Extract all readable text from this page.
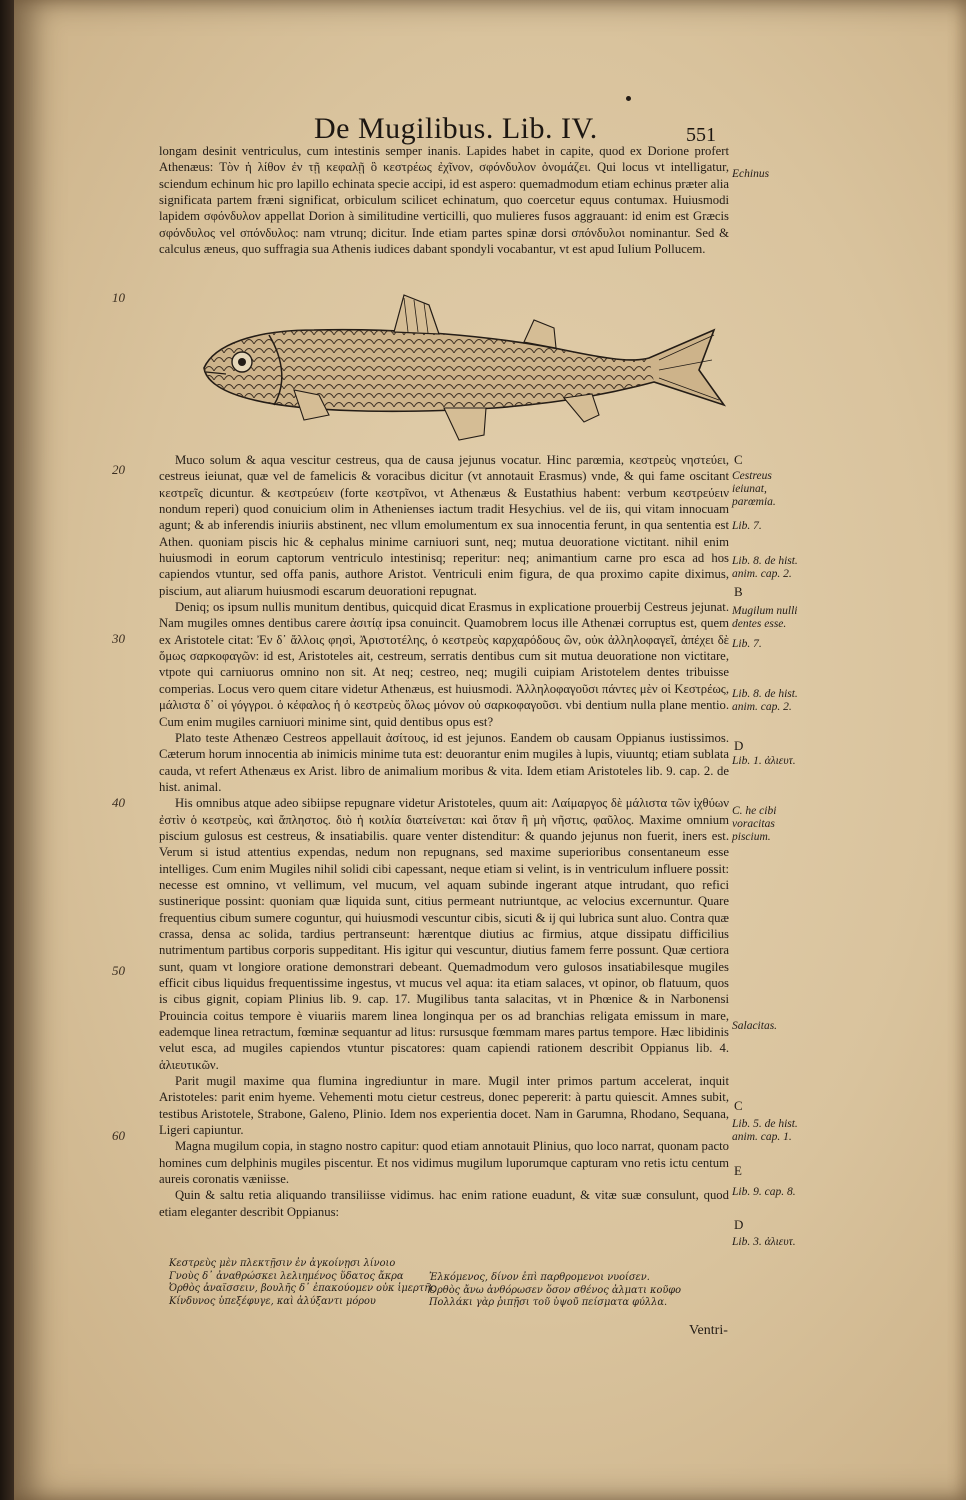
De Mugilibus. Lib. IV.	551

longam desinit ventriculus, cum intestinis semper inanis. Lapides habet in capite, quod ex Dorione profert Athenæus: Τὸν ἡ λίθον ἐν τῇ κεφαλῇ ὃ κεστρέως ἐχῖνον, σφόνδυλον ὀνομάζει. Qui locus vt intelligatur, sciendum echinum hic pro lapillo echinata specie accipi, id est aspero: quemadmodum etiam echinus præter alia significata partem fræni significat, orbiculum scilicet echinatum, quo coercetur equus contumax. Huiusmodi lapidem σφόνδυλον appellat Dorion à similitudine verticilli, quo mulieres fusos aggrauant: id enim est Græcis σφόνδυλος vel σπόνδυλος: nam vtrunq; dicitur. Inde etiam partes spinæ dorsi σπόνδυλοι nominantur. Sed & calculus æneus, quo suffragia sua Athenis iudices dabant spondyli vocabantur, vt est apud Iulium Pollucem.

10

Muco solum & aqua vescitur cestreus, qua de causa jejunus vocatur. Hinc parœmia, κεστρεὺς νηστεύει, cestreus ieiunat, quæ vel de famelicis & voracibus dicitur (vt annotauit Erasmus) vnde, & qui fame oscitant κεστρεῖς dicuntur. & κεστρεύειν (forte κεστρῖνοι, vt Athenæus & Eustathius habent: verbum κεστρεύειν nondum reperi) quod conuicium olim in Athenienses iactum tradit Hesychius. vel de iis, qui vitam innocuam agunt; & ab inferendis iniuriis abstinent, nec vllum emolumentum ex sua innocentia ferunt, in qua sententia est Athen. quoniam piscis hic & cephalus minime carniuori sunt, neq; mutua deuoratione victitant. nihil enim huiusmodi in eorum captorum ventriculo intestinisq; reperitur: neq; animantium carne pro esca ad hos capiendos vtuntur, sed offa panis, authore Aristot. Ventriculi enim figura, de qua proximo capite diximus, piscium, aut aliarum huiusmodi escarum deuorationi repugnat.

Deniq; os ipsum nullis munitum dentibus, quicquid dicat Erasmus in explicatione prouerbij Cestreus jejunat. Nam mugiles omnes dentibus carere ἀσιτίᾳ ipsa conuincit. Quamobrem locus ille Athenæi corruptus est, quem ex Aristotele citat: Ἐν δ᾽ ἄλλοις φησὶ, Ἀριστοτέλης, ὁ κεστρεὺς καρχαρόδους ὢν, οὐκ ἀλληλοφαγεῖ, ἀπέχει δὲ ὅμως σαρκοφαγῶν: id est, Aristoteles ait, cestreum, serratis dentibus cum sit mutua deuoratione non victitare, vtpote qui carniuorus omnino non sit. At neq; cestreo, neq; mugili cuipiam Aristotelem dentes tribuisse comperias. Locus vero quem citare videtur Athenæus, est huiusmodi. Ἀλληλοφαγοῦσι πάντες μὲν οἱ Κεστρέως, μάλιστα δ᾽ οἱ γόγγροι. ὁ κέφαλος ἡ ὁ κεστρεὺς ὅλως μόνον οὐ σαρκοφαγοῦσι. vbi dentium nulla plane mentio. Cum enim mugiles carniuori minime sint, quid dentibus opus est?

Plato teste Athenæo Cestreos appellauit ἀσίτους, id est jejunos. Eandem ob causam Oppianus iustissimos. Cæterum horum innocentia ab inimicis minime tuta est: deuorantur enim mugiles à lupis, viuuntq; etiam sublata cauda, vt refert Athenæus ex Arist. libro de animalium moribus & vita. Idem etiam Aristoteles lib. 9. cap. 2. de hist. animal.

His omnibus atque adeo sibiipse repugnare videtur Aristoteles, quum ait: Λαίμαργος δὲ μάλιστα τῶν ἰχθύων ἐστὶν ὁ κεστρεὺς, καὶ ἄπληστος. διὸ ἡ κοιλία διατείνεται: καὶ ὅταν ἢ μὴ νῆστις, φαῦλος. Maxime omnium piscium gulosus est cestreus, & insatiabilis. quare venter distenditur: & quando jejunus non fuerit, iners est. Verum si istud attentius expendas, nedum non repugnans, sed maxime superioribus consentaneum esse intelliges. Cum enim Mugiles nihil solidi cibi capessant, neque etiam si velint, is in ventriculum influere possit: necesse est omnino, vt vellimum, vel mucum, vel aquam subinde ingerant atque intrudant, quo refici sustinerique possint: quoniam quæ liquida sunt, citius permeant nutriuntque, ac velocius excernuntur. Quare frequentius cibum sumere coguntur, qui huiusmodi vescuntur cibis, sicuti & ij qui lubrica sunt aluo. Contra quæ crassa, densa ac solida, tardius pertranseunt: hærentque diutius ac firmius, atque dissipatu difficilius nutrimentum partibus corporis suppeditant. His igitur qui vescuntur, diutius famem ferre possunt. Quæ certiora sunt, quam vt longiore oratione demonstrari debeant. Quemadmodum vero gulosos insatiabilesque mugiles efficit cibus liquidus frequentissime ingestus, vt mucus vel aqua: ita etiam salaces, vt opinor, ob flatuum, quos is cibus gignit, copiam Plinius lib. 9. cap. 17. Mugilibus tanta salacitas, vt in Phœnice & in Narbonensi Prouincia coitus tempore è viuariis marem linea longinqua per os ad branchias religata emissum in mare, eademque linea retractum, fœminæ sequantur ad litus: rursusque fœmmam mares partus tempore. Hæc libidinis velut esca, ad mugiles capiendos vtuntur piscatores: quam capiendi rationem describit Oppianus lib. 4. ἁλιευτικῶν.

Parit mugil maxime qua flumina ingrediuntur in mare. Mugil inter primos partum accelerat, inquit Aristoteles: parit enim hyeme. Vehementi motu cietur cestreus, donec pepererit: à partu quiescit. Amnes subit, testibus Aristotele, Strabone, Galeno, Plinio. Idem nos experientia docet. Nam in Garumna, Rhodano, Sequana, Ligeri capiuntur.

Magna mugilum copia, in stagno nostro capitur: quod etiam annotauit Plinius, quo loco narrat, quonam pacto homines cum delphinis mugiles piscentur. Et nos vidimus mugilum luporumque capturam vno retis ictu centum aureis coronatis væniisse.

Quin & saltu retia aliquando transiliisse vidimus. hac enim ratione euadunt, & vitæ suæ consulunt, quod etiam eleganter describit Oppianus:

20
30
40
50
60
C
B
D
C
E
D
Echinus
Cestreus ieiunat, parœmia.
Lib. 7.
Lib. 8. de hist. anim. cap. 2.
Mugilum nulli dentes esse.
Lib. 7.
Lib. 8. de hist. anim. cap. 2.
Lib. 1. ἁλιευτ.
C. he cibi voracitas piscium.
Salacitas.
Lib. 5. de hist. anim. cap. 1.
Lib. 9. cap. 8.
Lib. 3. ἁλιευτ.
Κεστρεὺς μὲν πλεκτῇσιν ἐν ἀγκοίνῃσι λίνοιο
Γνοὺς δ᾽ ἀναθρώσκει λελιημένος ὕδατος ἄκρα
Ὀρθὸς ἀναϊσσειν, βουλῆς δ᾽ ἐπακούομεν οὐκ ἱμερτῆς
Κίνδυνος ὑπεξέφυγε, καὶ ἀλύξαντι μόρου
Ἐλκόμενος, δίνον ἐπὶ παρθρομενοι νυοίσεν.
Ὀρθὸς ἄνω ἀνθόρωσεν ὅσον σθένος ἀλματι κοῦφο
Πολλάκι γὰρ ῥιπῇσι τοῦ ὑψοῦ πείσματα φύλλα.
Ventri-
